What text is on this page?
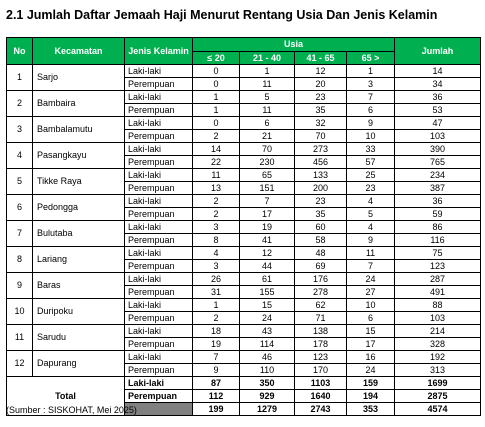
2.1 Jumlah Daftar Jemaah Haji Menurut Rentang Usia Dan Jenis Kelamin
No	Kecamatan	Jenis Kelamin	Usia				Jumlah
			≤ 20	21 - 40	41 - 65	65 >	
1	Sarjo	Laki-laki	0	1	12	1	14
		Perempuan	0	11	20	3	34
2	Bambaira	Laki-laki	1	5	23	7	36
		Perempuan	1	11	35	6	53
3	Bambalamutu	Laki-laki	0	6	32	9	47
		Perempuan	2	21	70	10	103
4	Pasangkayu	Laki-laki	14	70	273	33	390
		Perempuan	22	230	456	57	765
5	Tikke Raya	Laki-laki	11	65	133	25	234
		Perempuan	13	151	200	23	387
6	Pedongga	Laki-laki	2	7	23	4	36
		Perempuan	2	17	35	5	59
7	Bulutaba	Laki-laki	3	19	60	4	86
		Perempuan	8	41	58	9	116
8	Lariang	Laki-laki	4	12	48	11	75
		Perempuan	3	44	69	7	123
9	Baras	Laki-laki	26	61	176	24	287
		Perempuan	31	155	278	27	491
10	Duripoku	Laki-laki	1	15	62	10	88
		Perempuan	2	24	71	6	103
11	Sarudu	Laki-laki	18	43	138	15	214
		Perempuan	19	114	178	17	328
12	Dapurang	Laki-laki	7	46	123	16	192
		Perempuan	9	110	170	24	313
Total		Laki-laki	87	350	1103	159	1699
		Perempuan	112	929	1640	194	2875
			199	1279	2743	353	4574
(Sumber : SISKOHAT, Mei 2025)
